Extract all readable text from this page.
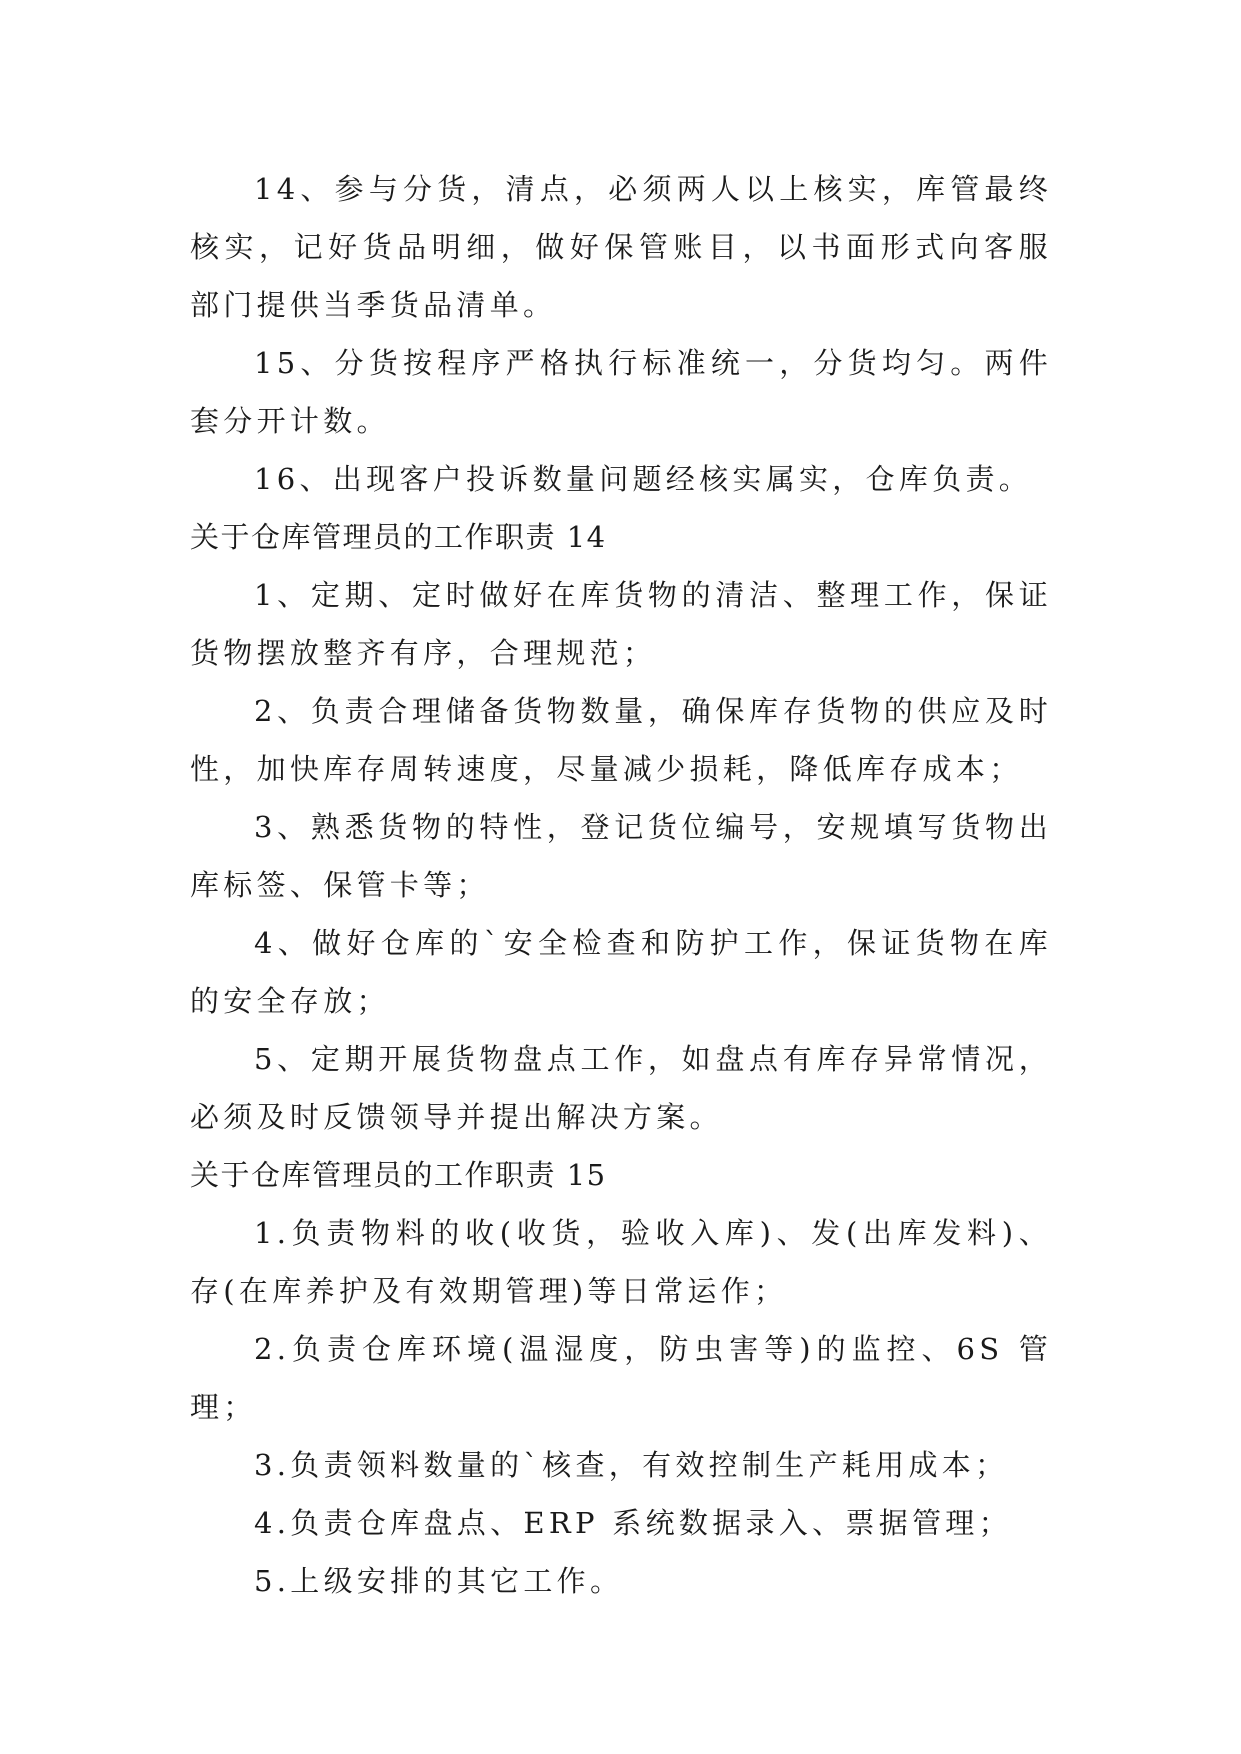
14、参与分货，清点，必须两人以上核实，库管最终核实，记好货品明细，做好保管账目，以书面形式向客服部门提供当季货品清单。

15、分货按程序严格执行标准统一，分货均匀。两件套分开计数。

16、出现客户投诉数量问题经核实属实，仓库负责。

关于仓库管理员的工作职责 14

1、定期、定时做好在库货物的清洁、整理工作，保证货物摆放整齐有序，合理规范；

2、负责合理储备货物数量，确保库存货物的供应及时性，加快库存周转速度，尽量减少损耗，降低库存成本；

3、熟悉货物的特性，登记货位编号，安规填写货物出库标签、保管卡等；

4、做好仓库的`安全检查和防护工作，保证货物在库的安全存放；

5、定期开展货物盘点工作，如盘点有库存异常情况，必须及时反馈领导并提出解决方案。

关于仓库管理员的工作职责 15

1.负责物料的收(收货，验收入库)、发(出库发料)、存(在库养护及有效期管理)等日常运作；

2.负责仓库环境(温湿度，防虫害等)的监控、6S 管理；

3.负责领料数量的`核查，有效控制生产耗用成本；

4.负责仓库盘点、ERP 系统数据录入、票据管理；

5.上级安排的其它工作。
